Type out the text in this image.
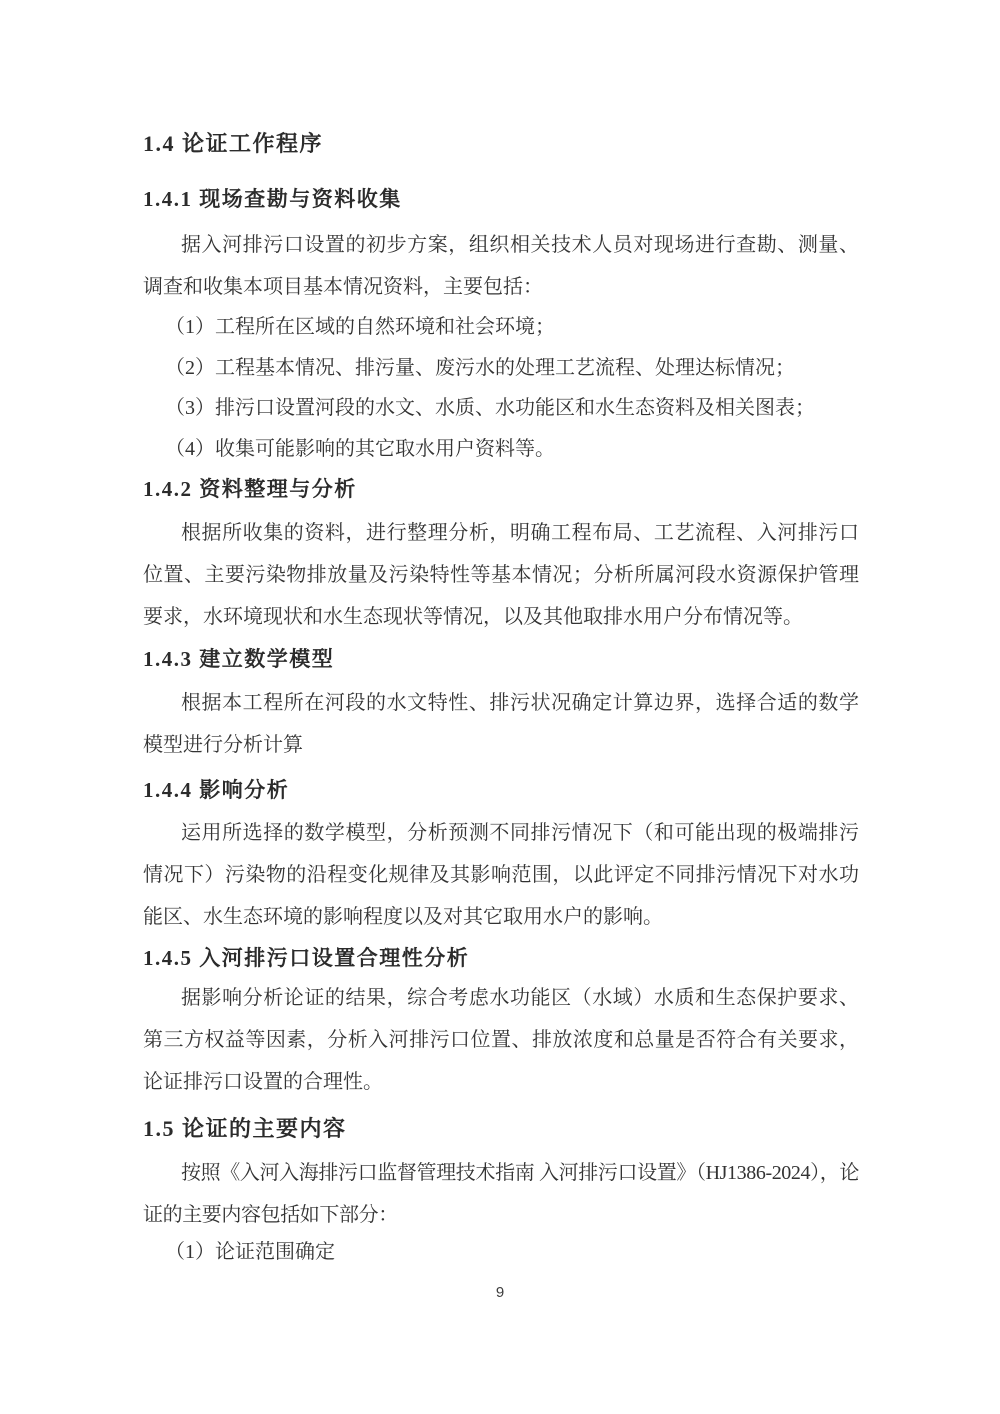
1.4 论证工作程序
1.4.1 现场查勘与资料收集
据入河排污口设置的初步方案，组织相关技术人员对现场进行查勘、测量、调查和收集本项目基本情况资料，主要包括：
（1）工程所在区域的自然环境和社会环境；
（2）工程基本情况、排污量、废污水的处理工艺流程、处理达标情况；
（3）排污口设置河段的水文、水质、水功能区和水生态资料及相关图表；
（4）收集可能影响的其它取水用户资料等。
1.4.2 资料整理与分析
根据所收集的资料，进行整理分析，明确工程布局、工艺流程、入河排污口位置、主要污染物排放量及污染特性等基本情况；分析所属河段水资源保护管理要求，水环境现状和水生态现状等情况，以及其他取排水用户分布情况等。
1.4.3 建立数学模型
根据本工程所在河段的水文特性、排污状况确定计算边界，选择合适的数学模型进行分析计算
1.4.4 影响分析
运用所选择的数学模型，分析预测不同排污情况下（和可能出现的极端排污情况下）污染物的沿程变化规律及其影响范围，以此评定不同排污情况下对水功能区、水生态环境的影响程度以及对其它取用水户的影响。
1.4.5 入河排污口设置合理性分析
据影响分析论证的结果，综合考虑水功能区（水域）水质和生态保护要求、第三方权益等因素，分析入河排污口位置、排放浓度和总量是否符合有关要求，论证排污口设置的合理性。
1.5 论证的主要内容
按照《入河入海排污口监督管理技术指南 入河排污口设置》（HJ1386-2024），论证的主要内容包括如下部分：
（1）论证范围确定
9
